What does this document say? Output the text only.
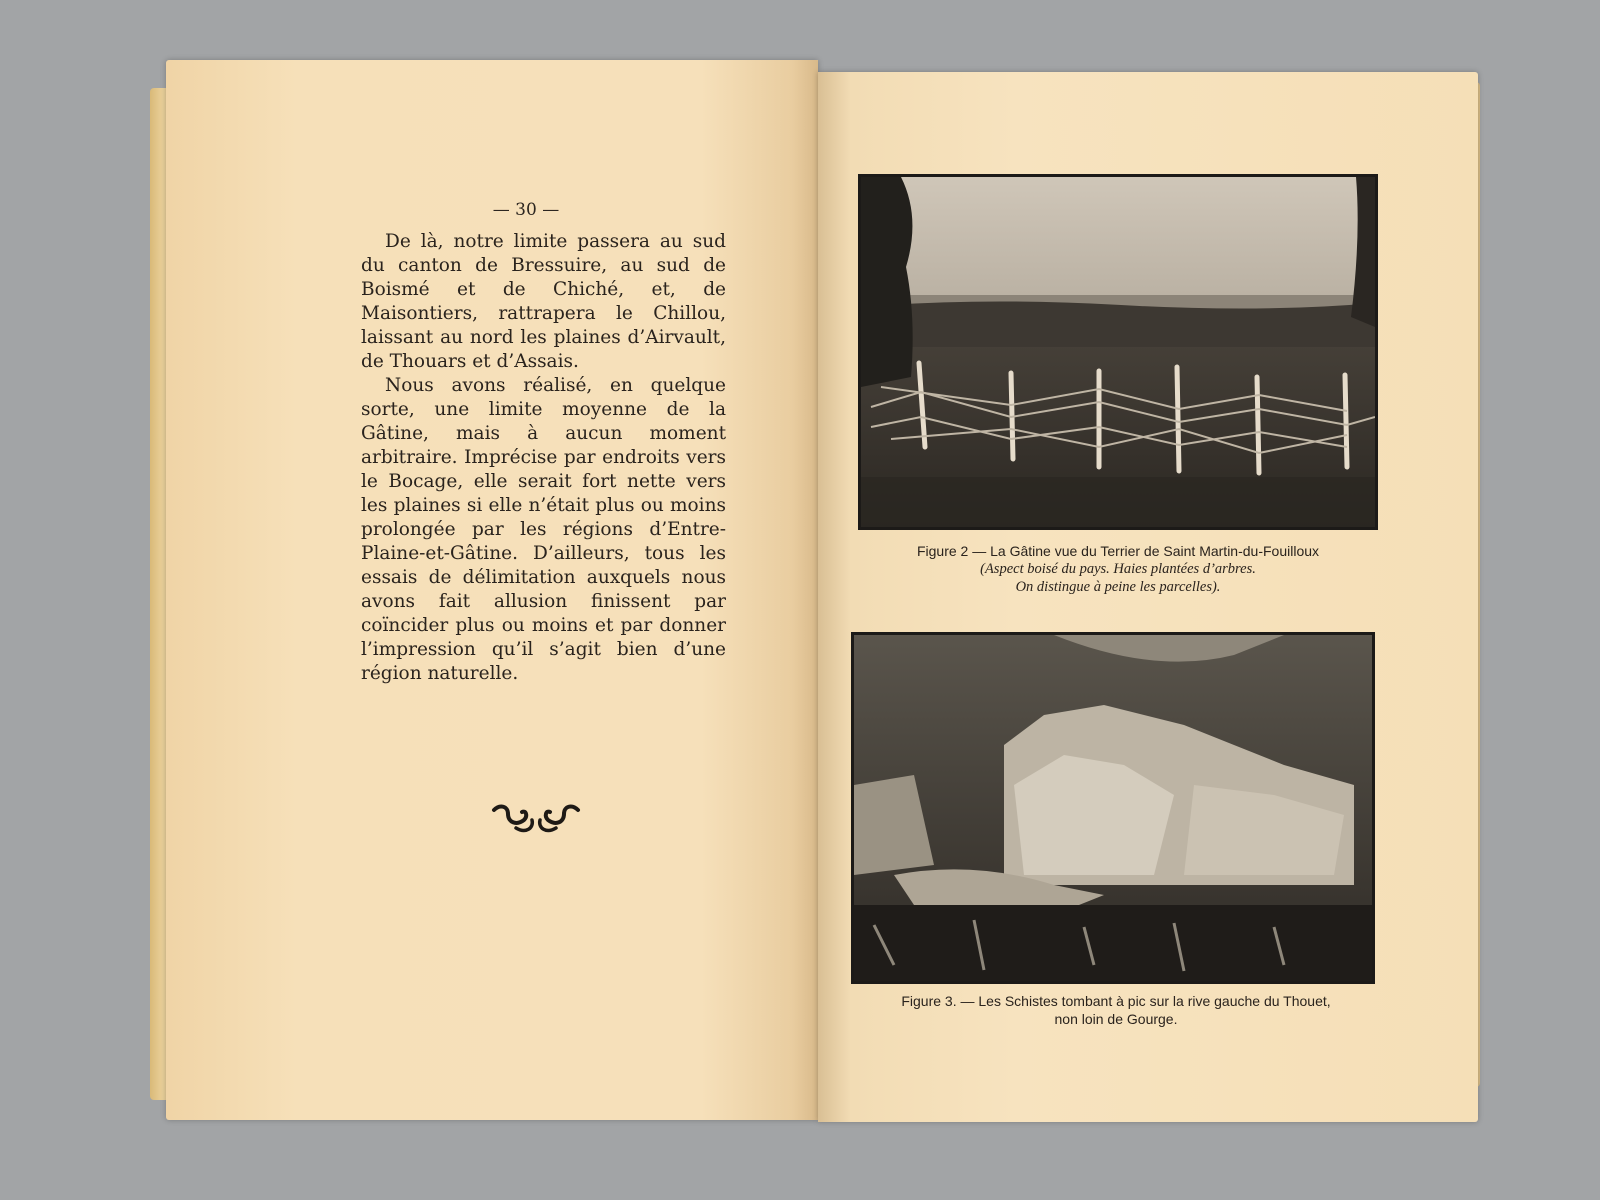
— 30 —

De là, notre limite passera au sud du canton de Bressuire, au sud de Boismé et de Chiché, et, de Maisontiers, rattrapera le Chillou, laissant au nord les plaines d’Airvault, de Thouars et d’Assais.

Nous avons réalisé, en quelque sorte, une limite moyenne de la Gâtine, mais à aucun moment arbitraire. Imprécise par endroits vers le Bocage, elle serait fort nette vers les plaines si elle n’était plus ou moins prolongée par les régions d’Entre-Plaine-et-Gâtine. D’ailleurs, tous les essais de délimitation auxquels nous avons fait allusion finissent par coïncider plus ou moins et par donner l’impression qu’il s’agit bien d’une région naturelle.

Figure 2 — La Gâtine vue du Terrier de Saint Martin-du-Fouilloux
(Aspect boisé du pays. Haies plantées d’arbres.
On distingue à peine les parcelles).
Figure 3. — Les Schistes tombant à pic sur la rive gauche du Thouet,
non loin de Gourge.
